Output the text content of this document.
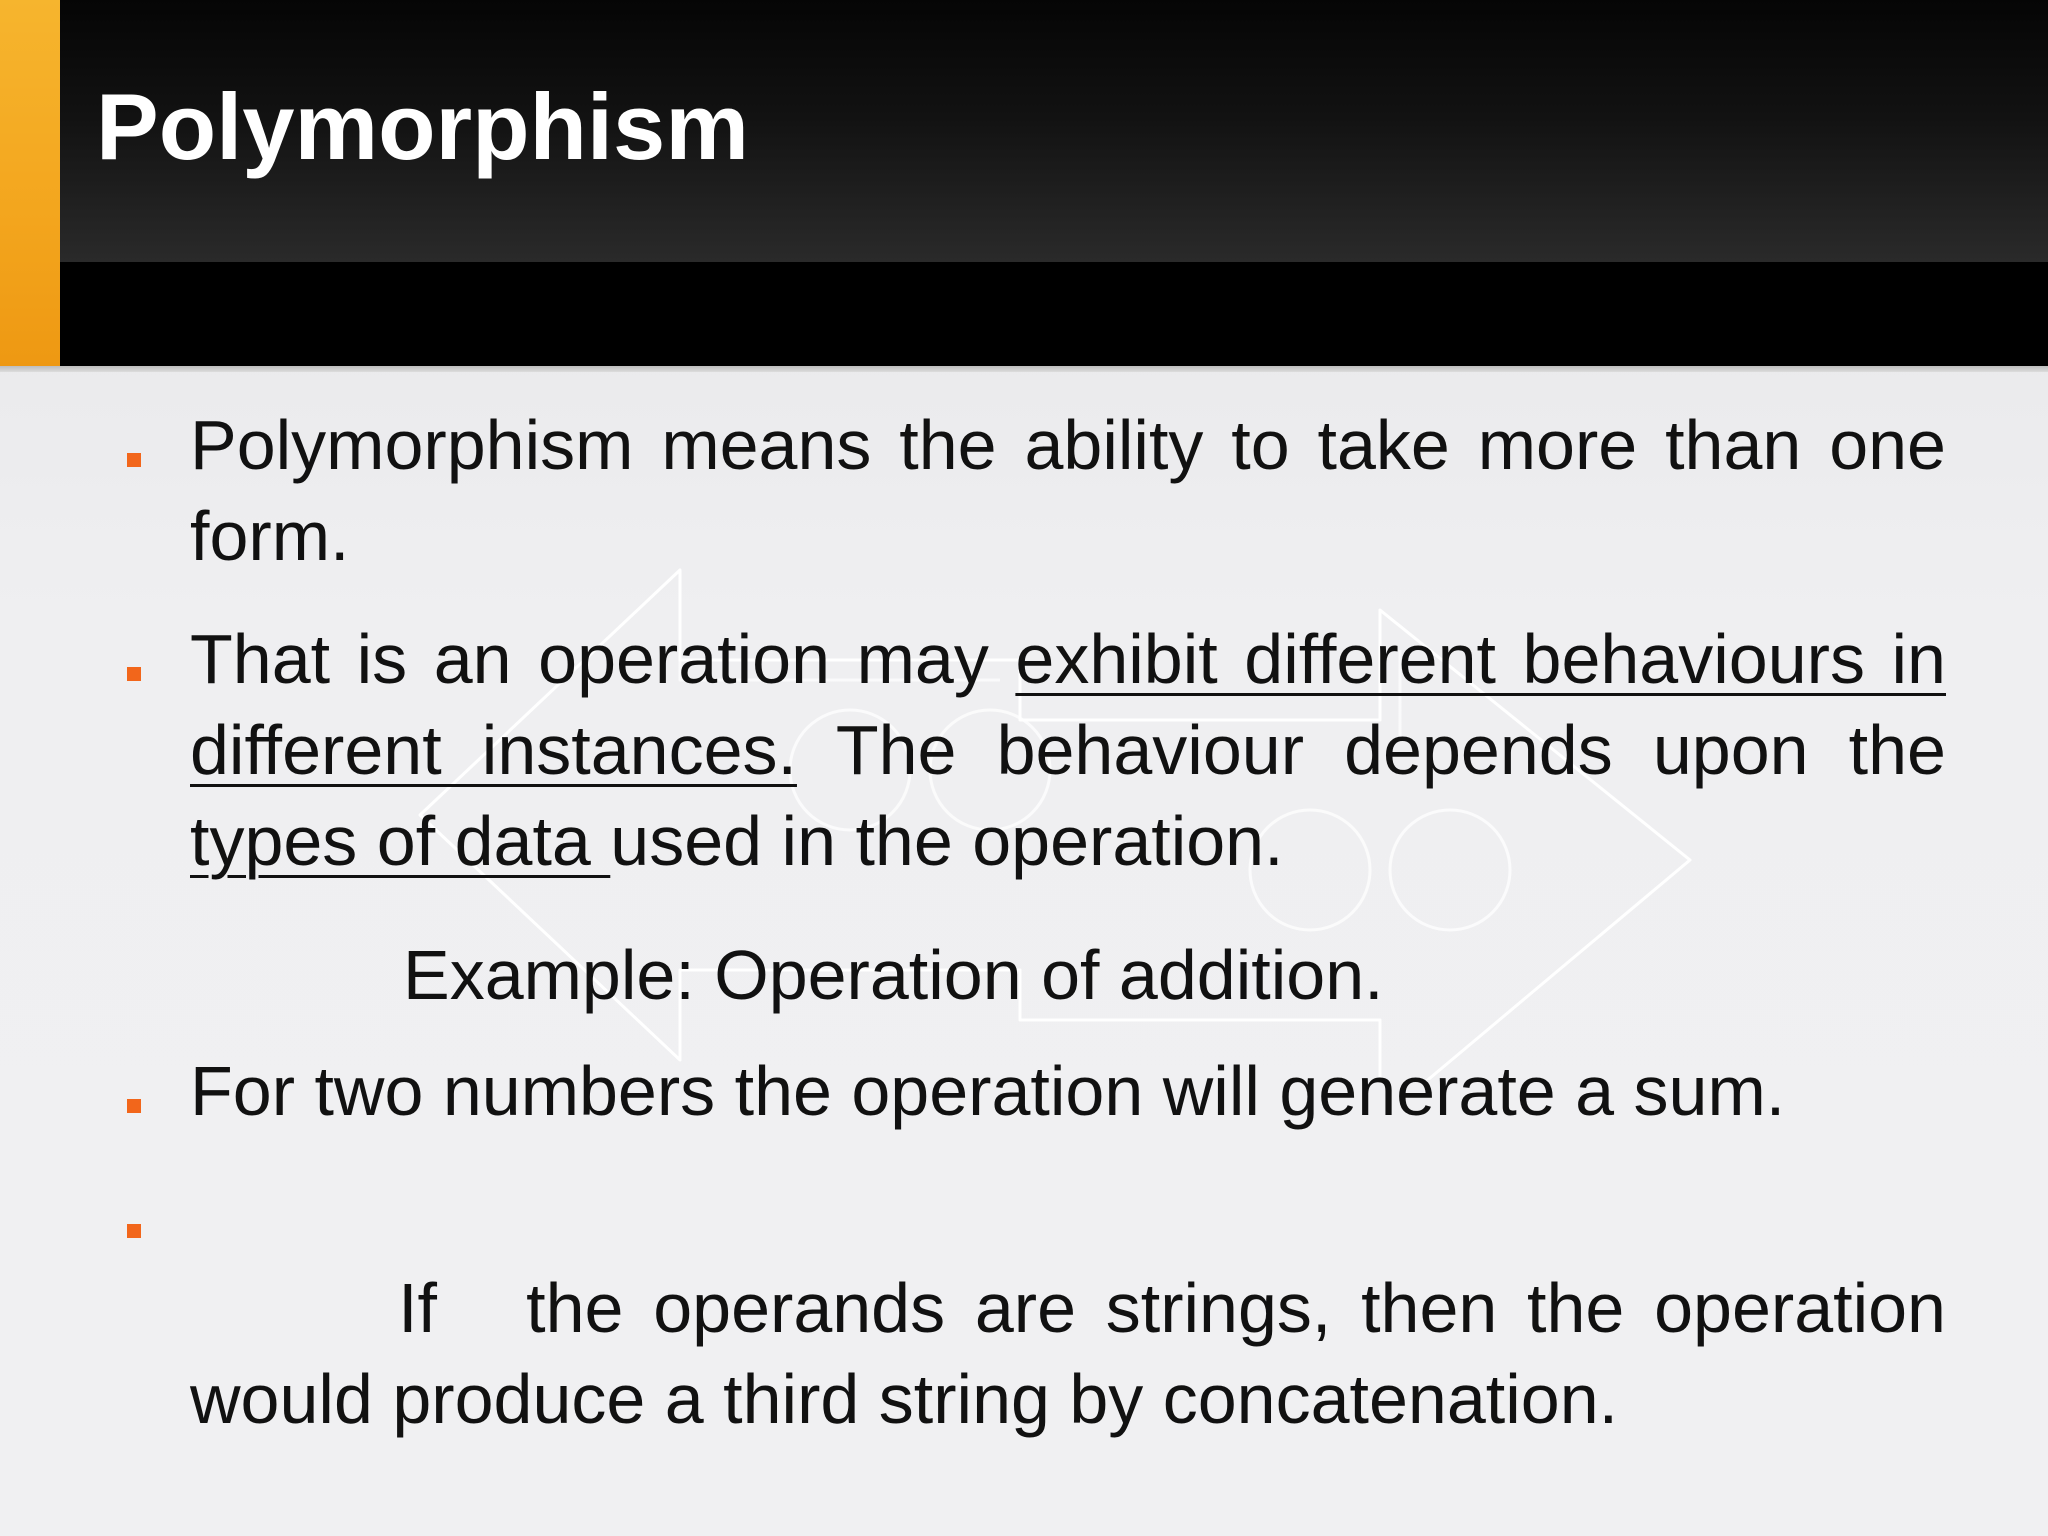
Polymorphism

Polymorphism means the ability to take more than one form.

That is an operation may exhibit different behaviours in different instances. The behaviour depends upon the types of data used in the operation.

Example: Operation of addition.

For two numbers the operation will generate a sum.

If   the operands are strings, then the operation would produce a third string by concatenation.
